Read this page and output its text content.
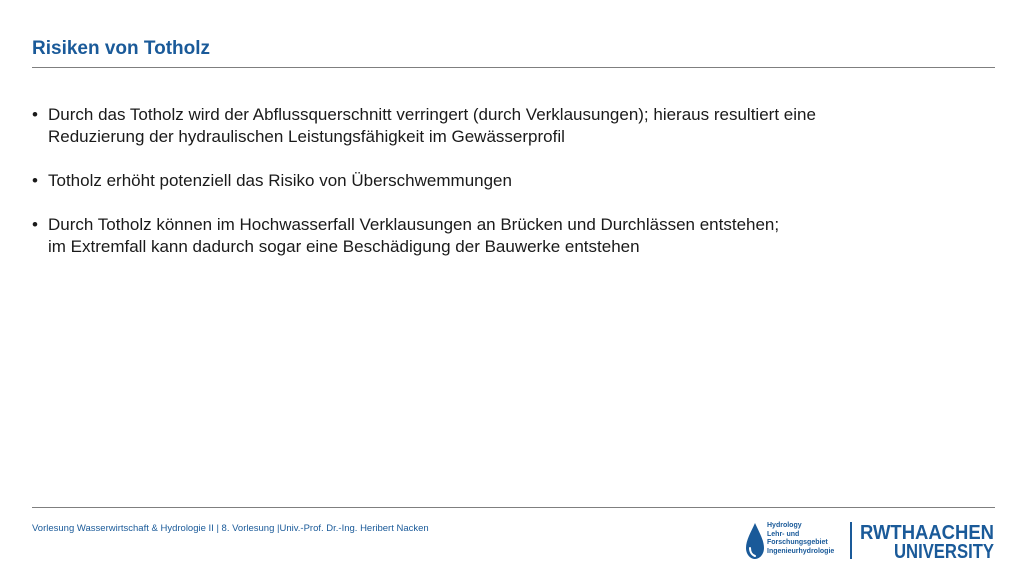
Risiken von Totholz
• Durch das Totholz wird der Abflussquerschnitt verringert (durch Verklausungen); hieraus resultiert eine
Reduzierung der hydraulischen Leistungsfähigkeit im Gewässerprofil
• Totholz erhöht potenziell das Risiko von Überschwemmungen
• Durch Totholz können im Hochwasserfall Verklausungen an Brücken und Durchlässen entstehen;
im Extremfall kann dadurch sogar eine Beschädigung der Bauwerke entstehen
Vorlesung Wasserwirtschaft & Hydrologie II | 8. Vorlesung |Univ.-Prof. Dr.-Ing. Heribert Nacken	Hydrology
Lehr- und
Forschungsgebiet
Ingenieurhydrologie
RWTHAACHEN
UNIVERSITY
